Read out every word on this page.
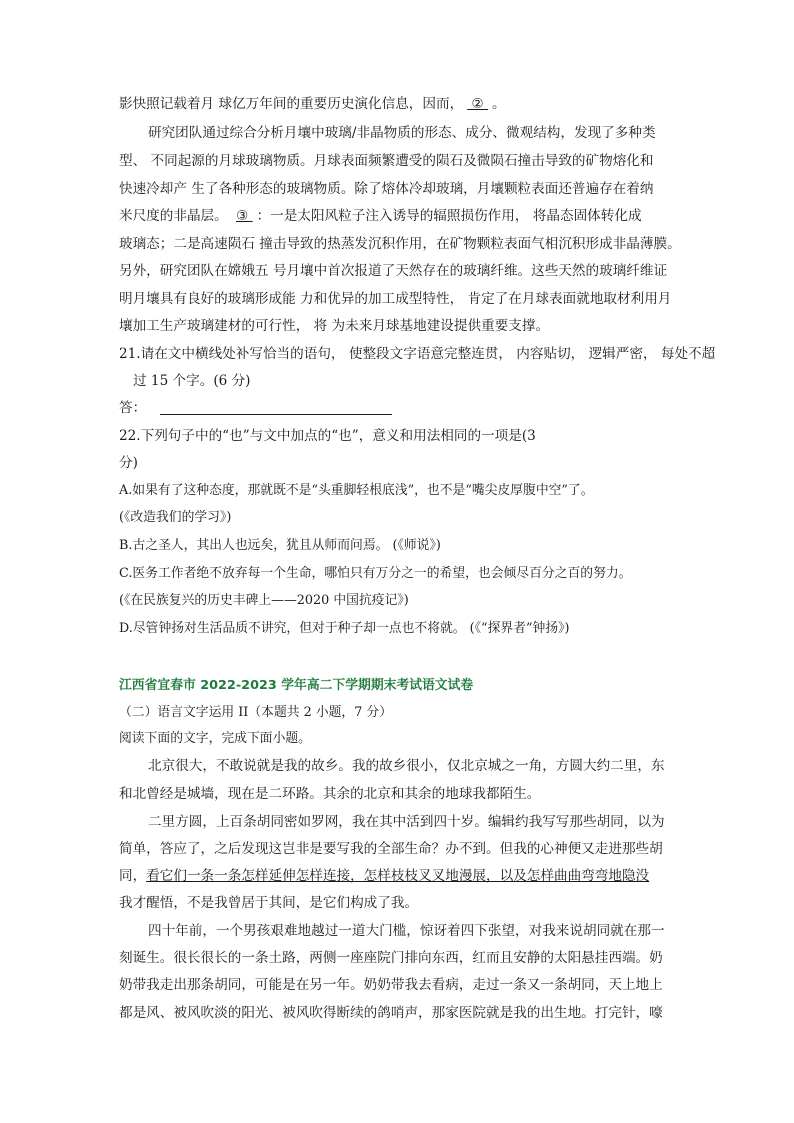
影快照记载着月 球亿万年间的重要历史演化信息，因而， ② 。
研究团队通过综合分析月壤中玻璃/非晶物质的形态、成分、微观结构，发现了多种类
型、 不同起源的月球玻璃物质。月球表面频繁遭受的陨石及微陨石撞击导致的矿物熔化和
快速冷却产 生了各种形态的玻璃物质。除了熔体冷却玻璃，月壤颗粒表面还普遍存在着纳
米尺度的非晶层。 ③ ：一是太阳风粒子注入诱导的辐照损伤作用， 将晶态固体转化成
玻璃态；二是高速陨石 撞击导致的热蒸发沉积作用，在矿物颗粒表面气相沉积形成非晶薄膜。
另外，研究团队在嫦娥五 号月壤中首次报道了天然存在的玻璃纤维。这些天然的玻璃纤维证
明月壤具有良好的玻璃形成能 力和优异的加工成型特性， 肯定了在月球表面就地取材利用月
壤加工生产玻璃建材的可行性， 将 为未来月球基地建设提供重要支撑。
21.请在文中横线处补写恰当的语句， 使整段文字语意完整连贯， 内容贴切， 逻辑严密， 每处不超
过 15 个字。(6 分)
答：
22.下列句子中的“也”与文中加点的“也”，意义和用法相同的一项是(3
分)
A.如果有了这种态度，那就既不是“头重脚轻根底浅”，也不是“嘴尖皮厚腹中空”了。
(《改造我们的学习》)
B.古之圣人，其出人也远矣，犹且从师而问焉。 (《师说》)
C.医务工作者绝不放弃每一个生命，哪怕只有万分之一的希望，也会倾尽百分之百的努力。
(《在民族复兴的历史丰碑上——2020 中国抗疫记》)
D.尽管钟扬对生活品质不讲究，但对于种子却一点也不将就。 (《“探界者”钟扬》)
江西省宜春市 2022-2023 学年高二下学期期末考试语文试卷
（二）语言文字运用 II（本题共 2 小题，7 分）
阅读下面的文字，完成下面小题。
北京很大，不敢说就是我的故乡。我的故乡很小，仅北京城之一角，方圆大约二里，东
和北曾经是城墙，现在是二环路。其余的北京和其余的地球我都陌生。
二里方圆，上百条胡同密如罗网，我在其中活到四十岁。编辑约我写写那些胡同，以为
简单，答应了，之后发现这岂非是要写我的全部生命？办不到。但我的心神便又走进那些胡
同，看它们一条一条怎样延伸怎样连接，怎样枝枝叉叉地漫展，以及怎样曲曲弯弯地隐没
我才醒悟，不是我曾居于其间，是它们构成了我。
四十年前，一个男孩艰难地越过一道大门槛，惊讶着四下张望，对我来说胡同就在那一
刻诞生。很长很长的一条土路，两侧一座座院门排向东西，红而且安静的太阳悬挂西端。奶
奶带我走出那条胡同，可能是在另一年。奶奶带我去看病，走过一条又一条胡同，天上地上
都是风、被风吹淡的阳光、被风吹得断续的鸽哨声，那家医院就是我的出生地。打完针，嚎
